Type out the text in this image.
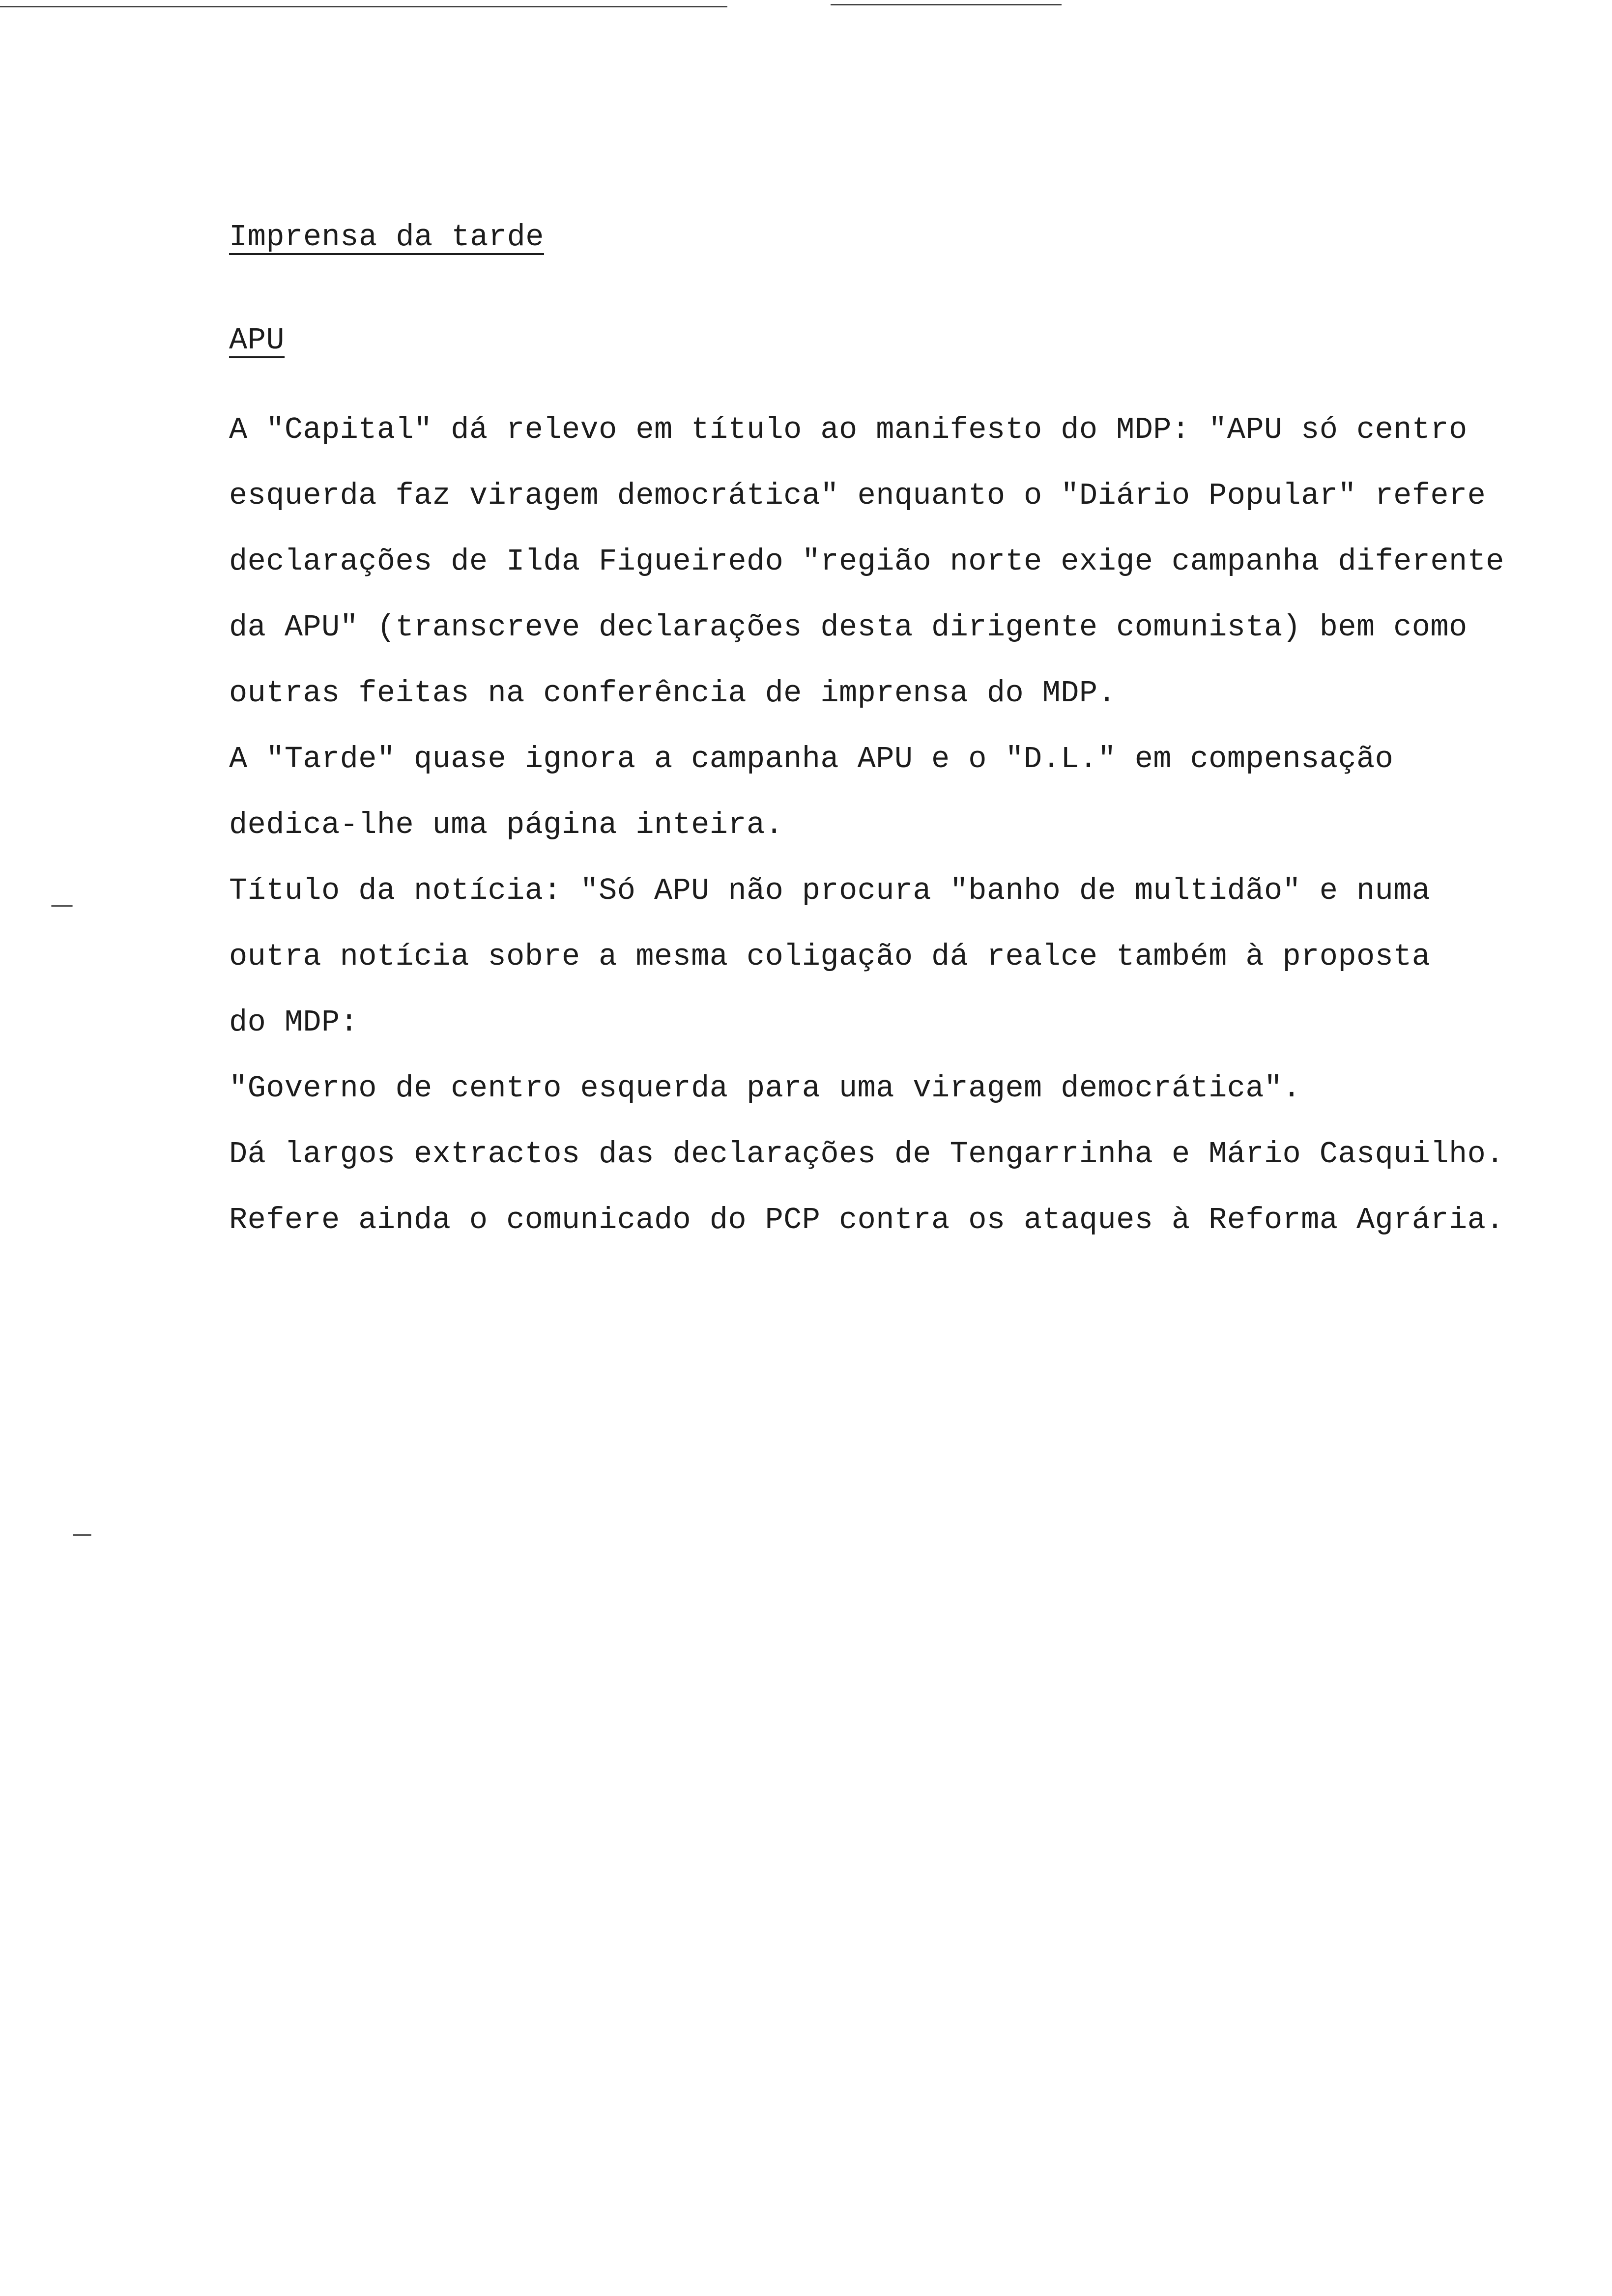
Imprensa da tarde
APU
A "Capital" dá relevo em título ao manifesto do MDP: "APU só centro
esquerda faz viragem democrática" enquanto o "Diário Popular" refere
declarações de Ilda Figueiredo "região norte exige campanha diferente
da APU" (transcreve declarações desta dirigente comunista) bem como
outras feitas na conferência de imprensa do MDP.
A "Tarde" quase ignora a campanha APU e o "D.L." em compensação
dedica-lhe uma página inteira.
Título da notícia: "Só APU não procura "banho de multidão" e numa
outra notícia sobre a mesma coligação dá realce também à proposta
do MDP:
"Governo de centro esquerda para uma viragem democrática".
Dá largos extractos das declarações de Tengarrinha e Mário Casquilho.
Refere ainda o comunicado do PCP contra os ataques à Reforma Agrária.
